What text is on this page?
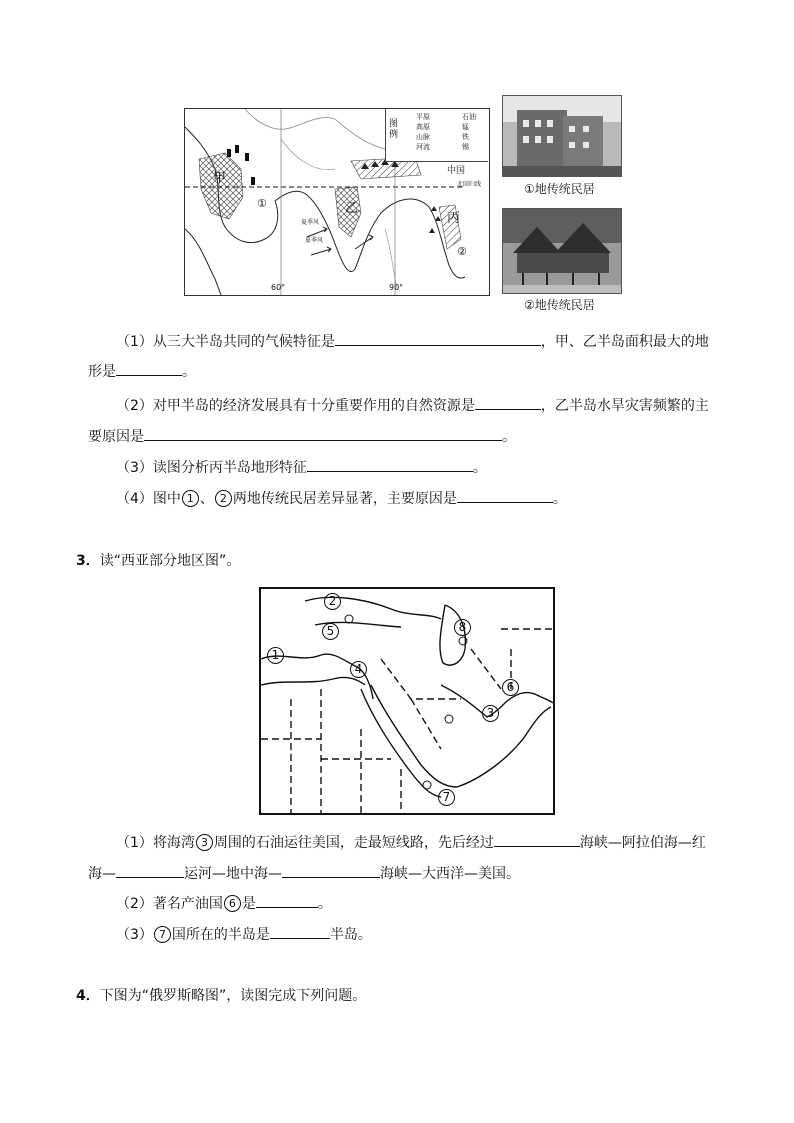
图例
平原
高原
山脉
河流
石油
锰
铁
锡
甲
乙
丙
中国
北回归线
①
②
60°	90°
夏季风
夏季风
①地传统民居
②地传统民居
（1）从三大半岛共同的气候特征是	，甲、乙半岛面积最大的地
形是	。
（2）对甲半岛的经济发展具有十分重要作用的自然资源是	，乙半岛水旱灾害频繁的主
要原因是	。
（3）读图分析丙半岛地形特征	。
（4）图中 1 、 2 两地传统民居差异显著，主要原因是	。
3．读“西亚部分地区图”。
1
2
3
4
5
6
7
8
（1）将海湾 3 周围的石油运往美国，走最短线路，先后经过	海峡—阿拉伯海—红
海—	运河—地中海—	海峡—大西洋—美国。
（2）著名产油国 6 是	。
（3） 7 国所在的半岛是	半岛。
4．下图为“俄罗斯略图”，读图完成下列问题。
